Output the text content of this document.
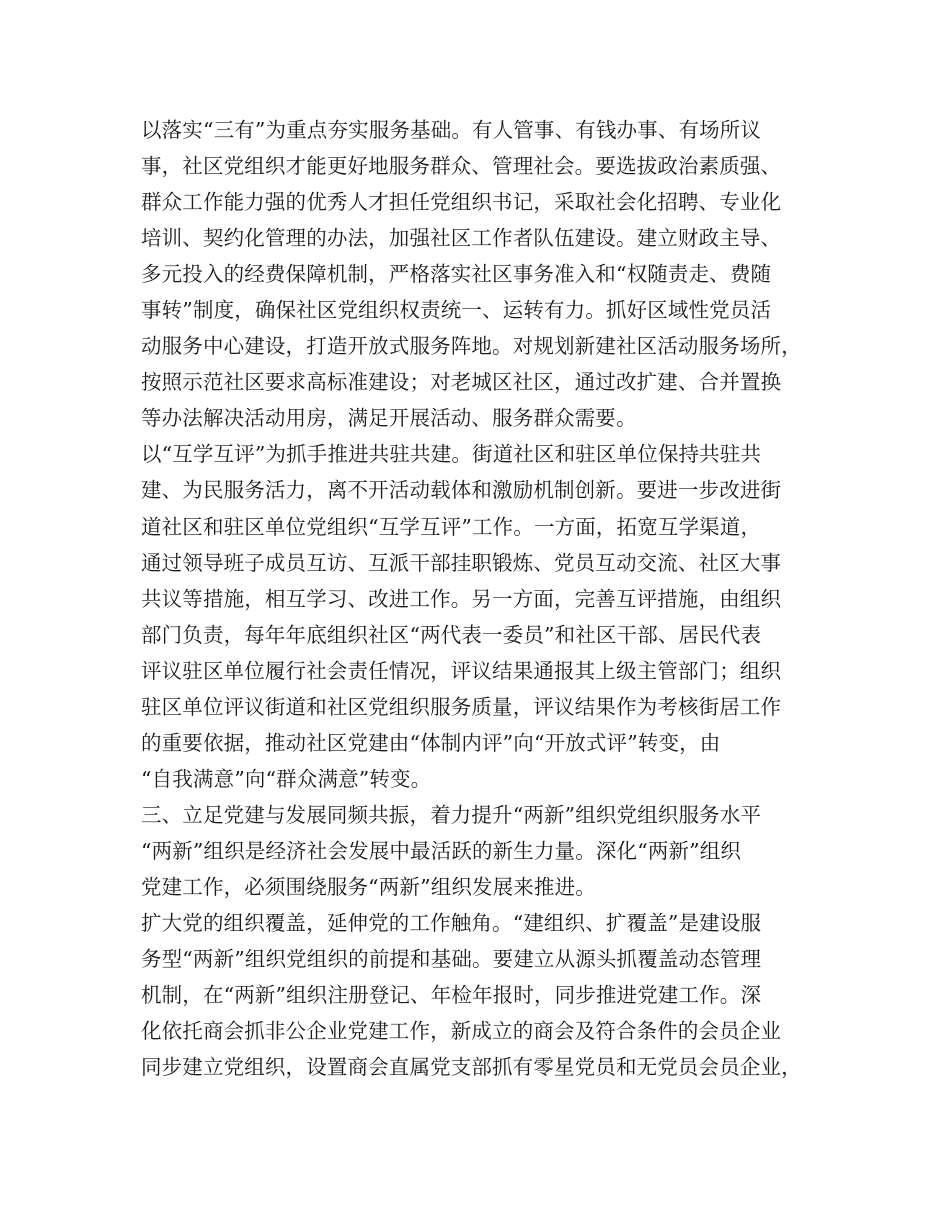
以落实“三有”为重点夯实服务基础。有人管事、有钱办事、有场所议
事，社区党组织才能更好地服务群众、管理社会。要选拔政治素质强、
群众工作能力强的优秀人才担任党组织书记，采取社会化招聘、专业化
培训、契约化管理的办法，加强社区工作者队伍建设。建立财政主导、
多元投入的经费保障机制，严格落实社区事务准入和“权随责走、费随
事转”制度，确保社区党组织权责统一、运转有力。抓好区域性党员活
动服务中心建设，打造开放式服务阵地。对规划新建社区活动服务场所，
按照示范社区要求高标准建设；对老城区社区，通过改扩建、合并置换
等办法解决活动用房，满足开展活动、服务群众需要。
以“互学互评”为抓手推进共驻共建。街道社区和驻区单位保持共驻共
建、为民服务活力，离不开活动载体和激励机制创新。要进一步改进街
道社区和驻区单位党组织“互学互评”工作。一方面，拓宽互学渠道，
通过领导班子成员互访、互派干部挂职锻炼、党员互动交流、社区大事
共议等措施，相互学习、改进工作。另一方面，完善互评措施，由组织
部门负责，每年年底组织社区“两代表一委员”和社区干部、居民代表
评议驻区单位履行社会责任情况，评议结果通报其上级主管部门；组织
驻区单位评议街道和社区党组织服务质量，评议结果作为考核街居工作
的重要依据，推动社区党建由“体制内评”向“开放式评”转变，由
“自我满意”向“群众满意”转变。
三、立足党建与发展同频共振，着力提升“两新”组织党组织服务水平
“两新”组织是经济社会发展中最活跃的新生力量。深化“两新”组织
党建工作，必须围绕服务“两新”组织发展来推进。
扩大党的组织覆盖，延伸党的工作触角。“建组织、扩覆盖”是建设服
务型“两新”组织党组织的前提和基础。要建立从源头抓覆盖动态管理
机制，在“两新”组织注册登记、年检年报时，同步推进党建工作。深
化依托商会抓非公企业党建工作，新成立的商会及符合条件的会员企业
同步建立党组织，设置商会直属党支部抓有零星党员和无党员会员企业，
